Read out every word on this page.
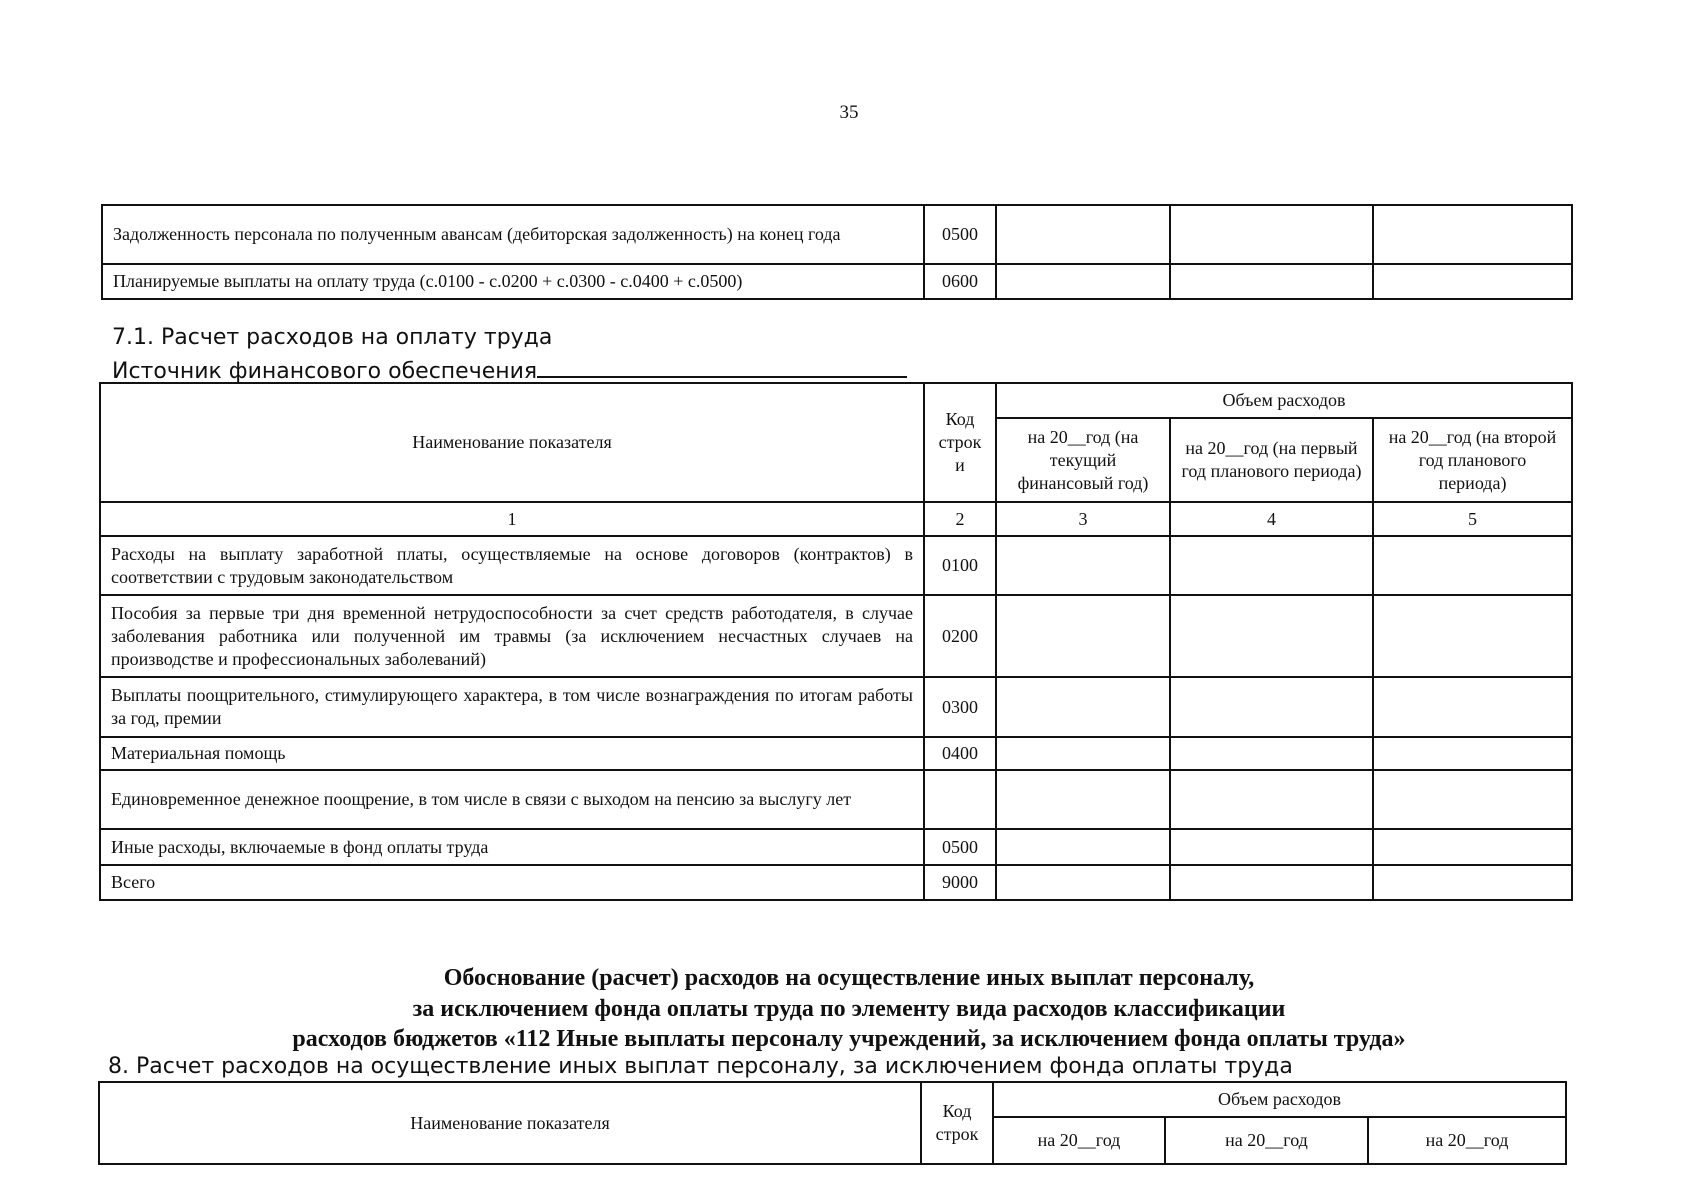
35
Задолженность персонала по полученным авансам (дебиторская задолженность) на конец года	0500			
Планируемые выплаты на оплату труда (с.0100 - с.0200 + с.0300 - с.0400 + с.0500)	0600			
7.1. Расчет расходов на оплату труда
Источник финансового обеспечения
Наименование показателя	Код строк и	Объем расходов		
		на 20__год (на текущий финансовый год)	на 20__год (на первый год планового периода)	на 20__год (на второй год планового периода)
1	2	3	4	5
Расходы на выплату заработной платы, осуществляемые на основе договоров (контрактов) в соответствии с трудовым законодательством	0100			
Пособия за первые три дня временной нетрудоспособности за счет средств работодателя, в случае заболевания работника или полученной им травмы (за исключением несчастных случаев на производстве и профессиональных заболеваний)	0200			
Выплаты поощрительного, стимулирующего характера, в том числе вознаграждения по итогам работы за год, премии	0300			
Материальная помощь	0400			
Единовременное денежное поощрение, в том числе в связи с выходом на пенсию за выслугу лет				
Иные расходы, включаемые в фонд оплаты труда	0500			
Всего	9000			
Обоснование (расчет) расходов на осуществление иных выплат персоналу,
за исключением фонда оплаты труда по элементу вида расходов классификации
расходов бюджетов «112 Иные выплаты персоналу учреждений, за исключением фонда оплаты труда»
8. Расчет расходов на осуществление иных выплат персоналу, за исключением фонда оплаты труда
Наименование показателя	Код строк	Объем расходов		
		на 20__год	на 20__год	на 20__год
